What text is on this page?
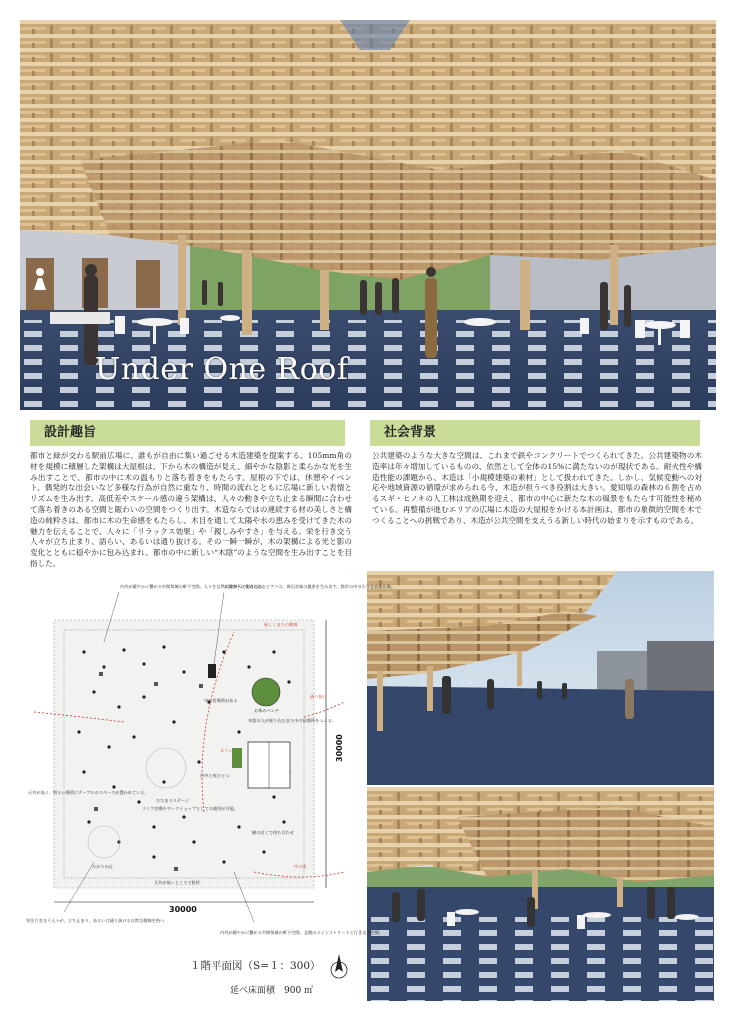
Under One Roof
設計趣旨
都市と緑が交わる駅前広場に、誰もが自由に集い過ごせる木造建築を提案する。105mm角の材を規模に積層した架構は大屋根は、下から木の構造が見え、細やかな陰影と柔らかな光を生み出すことで、都市の中に木の温もりと落ち着きをもたらす。屋根の下では、休憩やイベント、偶発的な出会いなど多様な行為が自然に重なり、時間の流れとともに広場に新しい表情とリズムを生み出す。高低差やスケール感の違う架構は、人々の動きや立ち止まる瞬間に合わせて落ち着きのある空間と賑わいの空間をつくり出す。木造ならではの連続する材の美しさと構造の純粋さは、都市に木の生命感をもたらし、木目を通して太陽や水の恵みを受けてきた木の魅力を伝えることで、人々に「リラックス効果」や「親しみやすさ」を与える。栄を行き交う人々が立ち止まり、語らい、あるいは通り抜ける。その一瞬一瞬が、木の架構による光と影の変化とともに穏やかに包み込まれ、都市の中に新しい“木陰”のような空間を生み出すことを目指した。
社会背景
公共建築のような大きな空間は、これまで鉄やコンクリートでつくられてきた。公共建築物の木造率は年々増加しているものの、依然として全体の15%に満たないのが現状である。耐火性や構造性能の課題から、木造は「小規模建築の素材」として扱われてきた。しかし、気候変動への対応や地域資源の循環が求められる今、木造が担うべき役割は大きい。愛知県の森林の６割を占めるスギ・ヒノキの人工林は成熟期を迎え、都市の中心に新たな木の風景をもたらす可能性を秘めている。再整備が進むエリアの広場に木造の大屋根をかける本計画は、都市の象徴的空間を木でつくることへの挑戦であり、木造が公共空間を支えうる新しい時代の始まりを示すものである。
30000
30000
内外が緩やかに繋がる中間領域の軒下空間。人々を自然に建物へと引き込む。
木陰の下に集められたピアノは、周辺音楽の風景を生み出す。都市の中の小さな音楽広場。
中に居場所がある
お休みベンチ
木陰の人が座り込むまた中の居場所をつくる。
ひだまりステージ
ライブ会場やワークショップとしての使用が可能。
日中と夜ひとつ
天井が高く、明るい場所にテーブルのスペースが置かれている。
樹の近くで待ち合わせ
ひかりの丘
天井が低いところで乾杯
栄を行き交う人々が、立ち止まり、あるいは通り抜ける自然な動線を持つ
内外が緩やかに繋がる中間領域の軒下空間。北側のメインストリートと行き交う空間。
屋しくまたの動線
カフェ
通り抜け
中の家
１階平面図（S=１：300）
延べ床面積　900 ㎡
